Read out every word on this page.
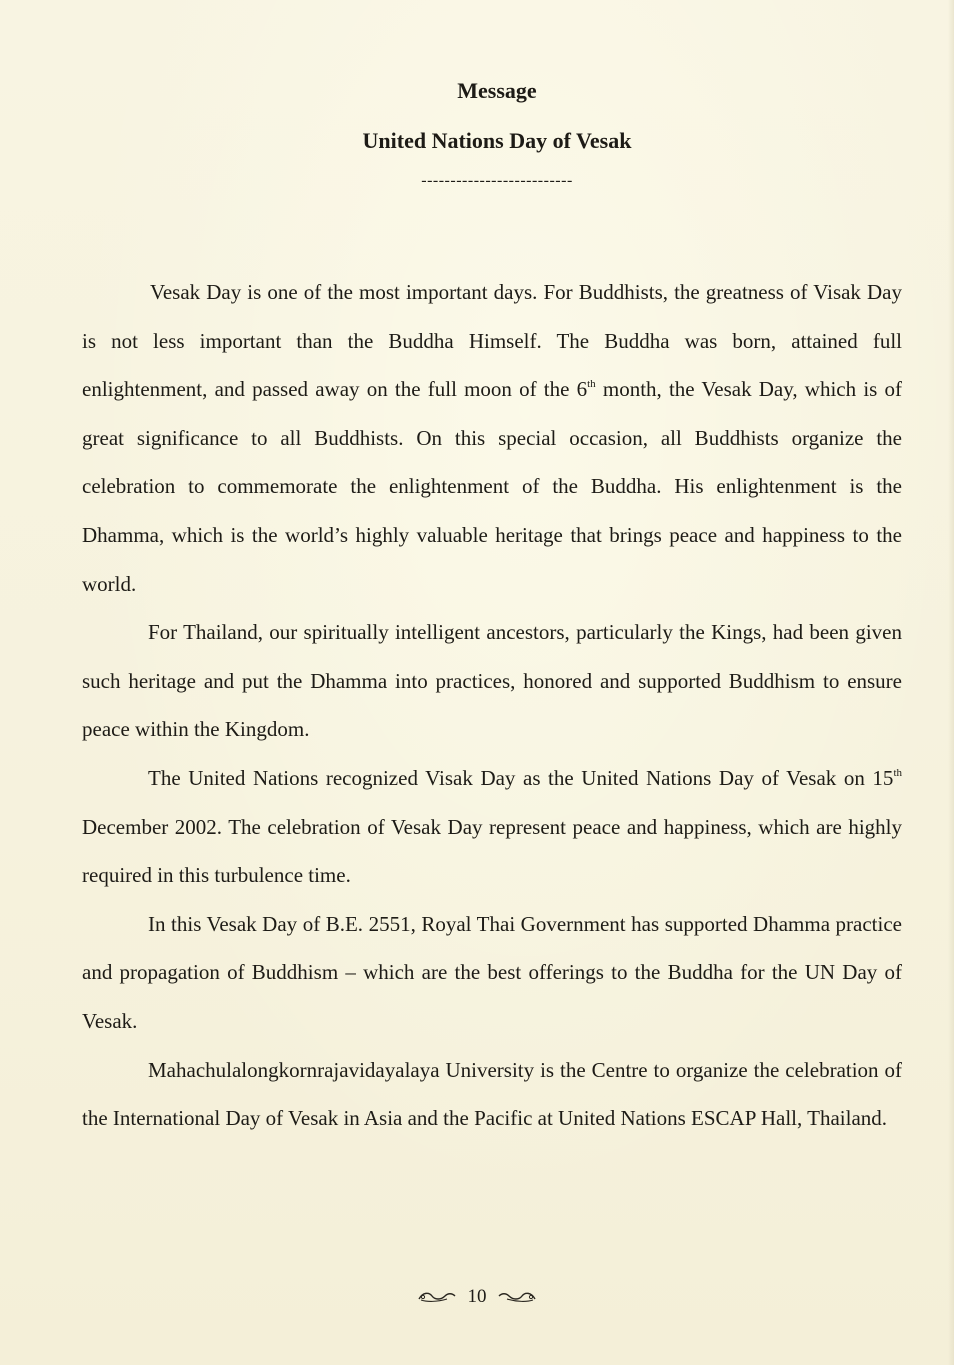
Message
United Nations Day of Vesak
--------------------------

Vesak Day is one of the most important days. For Buddhists, the greatness of Visak Day is not less important than the Buddha Himself. The Buddha was born, attained full enlightenment, and passed away on the full moon of the 6th month, the Vesak Day, which is of great significance to all Buddhists. On this special occasion, all Buddhists organize the celebration to commemorate the enlightenment of the Buddha. His enlightenment is the Dhamma, which is the world’s highly valuable heritage that brings peace and happiness to the world.

For Thailand, our spiritually intelligent ancestors, particularly the Kings, had been given such heritage and put the Dhamma into practices, honored and supported Buddhism to ensure peace within the Kingdom.

The United Nations recognized Visak Day as the United Nations Day of Vesak on 15th December 2002. The celebration of Vesak Day represent peace and happiness, which are highly required in this turbulence time.

In this Vesak Day of B.E. 2551, Royal Thai Government has supported Dhamma practice and propagation of Buddhism – which are the best offerings to the Buddha for the UN Day of Vesak.

Mahachulalongkornrajavidayalaya University is the Centre to organize the celebration of the International Day of Vesak in Asia and the Pacific at United Nations ESCAP Hall, Thailand.

10
